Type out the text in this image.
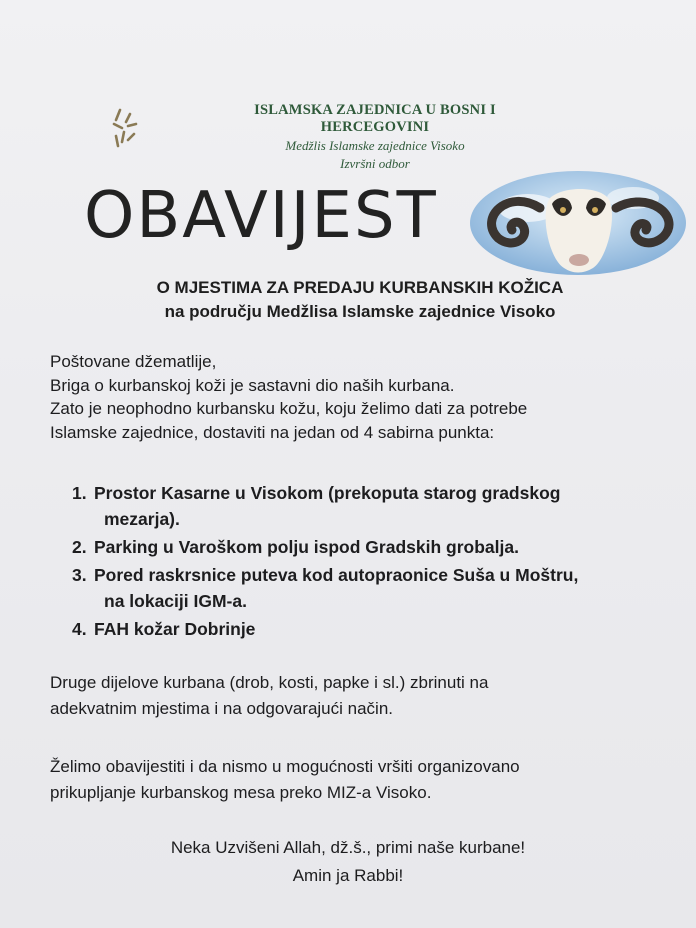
ISLAMSKA ZAJEDNICA U BOSNI I HERCEGOVINI
Medžlis Islamske zajednice Visoko
Izvršni odbor
OBAVIJEST
O MJESTIMA ZA PREDAJU KURBANSKIH KOŽICA
na području Medžlisa Islamske zajednice Visoko
Poštovane džematlije,
Briga o kurbanskoj koži je sastavni dio naših kurbana.
Zato je neophodno kurbansku kožu, koju želimo dati za potrebe
Islamske zajednice, dostaviti na jedan od 4 sabirna punkta:
1. Prostor Kasarne u Visokom (prekoputa starog gradskog
mezarja).
2. Parking u Varoškom polju ispod Gradskih grobalja.
3. Pored raskrsnice puteva kod autopraonice Suša u Moštru,
na lokaciji IGM-a.
4. FAH kožar Dobrinje
Druge dijelove kurbana (drob, kosti, papke i sl.) zbrinuti na
adekvatnim mjestima i na odgovarajući način.
Želimo obavijestiti i da nismo u mogućnosti vršiti organizovano
prikupljanje kurbanskog mesa preko MIZ-a Visoko.
Neka Uzvišeni Allah, dž.š., primi naše kurbane!
Amin ja Rabbi!
